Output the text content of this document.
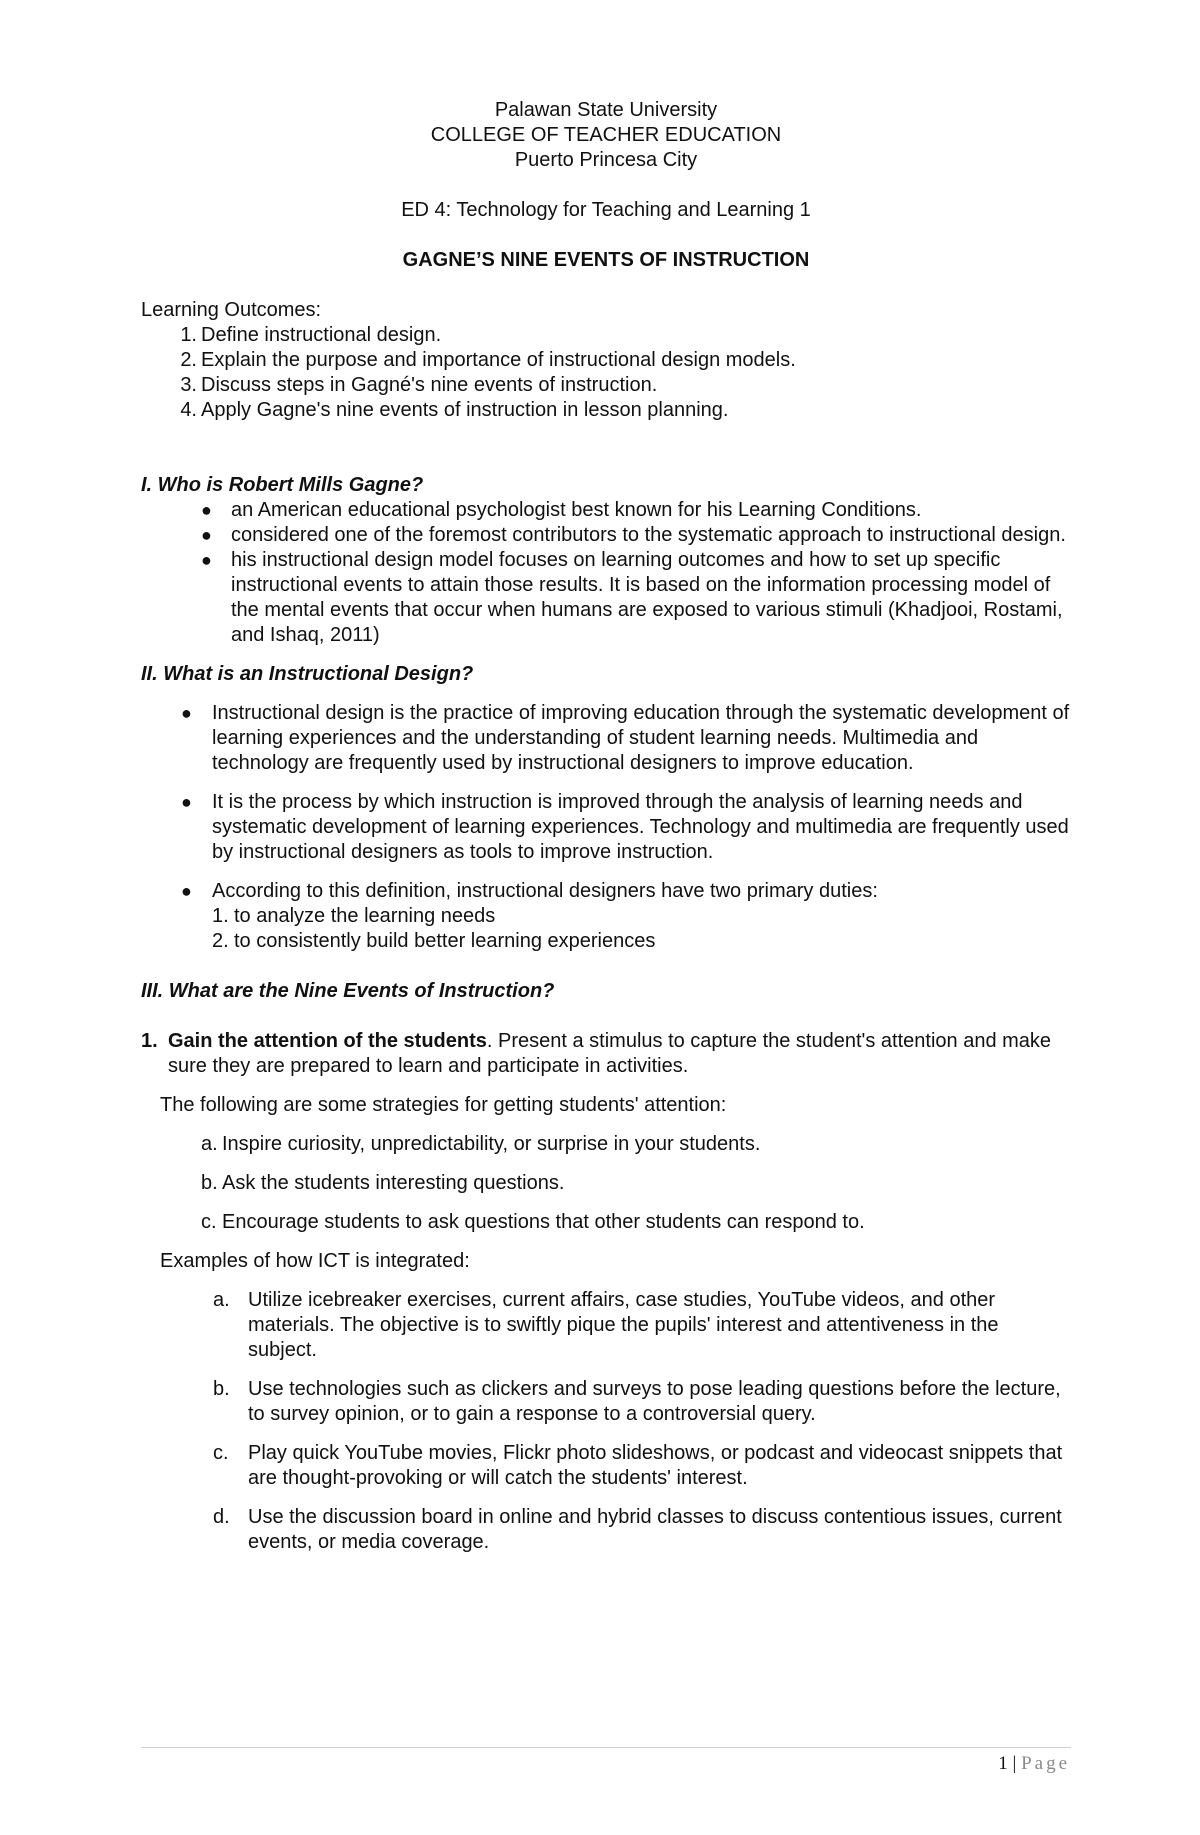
Palawan State University
COLLEGE OF TEACHER EDUCATION
Puerto Princesa City
ED 4: Technology for Teaching and Learning 1
GAGNE’S NINE EVENTS OF INSTRUCTION
Learning Outcomes:
1. Define instructional design.
2. Explain the purpose and importance of instructional design models.
3. Discuss steps in Gagné's nine events of instruction.
4. Apply Gagne's nine events of instruction in lesson planning.
I. Who is Robert Mills Gagne?
● an American educational psychologist best known for his Learning Conditions.
● considered one of the foremost contributors to the systematic approach to instructional design.
● his instructional design model focuses on learning outcomes and how to set up specific instructional events to attain those results. It is based on the information processing model of the mental events that occur when humans are exposed to various stimuli (Khadjooi, Rostami, and Ishaq, 2011)
II. What is an Instructional Design?
● Instructional design is the practice of improving education through the systematic development of learning experiences and the understanding of student learning needs. Multimedia and technology are frequently used by instructional designers to improve education.
● It is the process by which instruction is improved through the analysis of learning needs and systematic development of learning experiences. Technology and multimedia are frequently used by instructional designers as tools to improve instruction.
● According to this definition, instructional designers have two primary duties:
1. to analyze the learning needs
2. to consistently build better learning experiences
III. What are the Nine Events of Instruction?
1. Gain the attention of the students. Present a stimulus to capture the student's attention and make sure they are prepared to learn and participate in activities.
The following are some strategies for getting students' attention:
a. Inspire curiosity, unpredictability, or surprise in your students.
b. Ask the students interesting questions.
c. Encourage students to ask questions that other students can respond to.
Examples of how ICT is integrated:
a. Utilize icebreaker exercises, current affairs, case studies, YouTube videos, and other materials. The objective is to swiftly pique the pupils' interest and attentiveness in the subject.
b. Use technologies such as clickers and surveys to pose leading questions before the lecture, to survey opinion, or to gain a response to a controversial query.
c. Play quick YouTube movies, Flickr photo slideshows, or podcast and videocast snippets that are thought-provoking or will catch the students' interest.
d. Use the discussion board in online and hybrid classes to discuss contentious issues, current events, or media coverage.
1 | Page
